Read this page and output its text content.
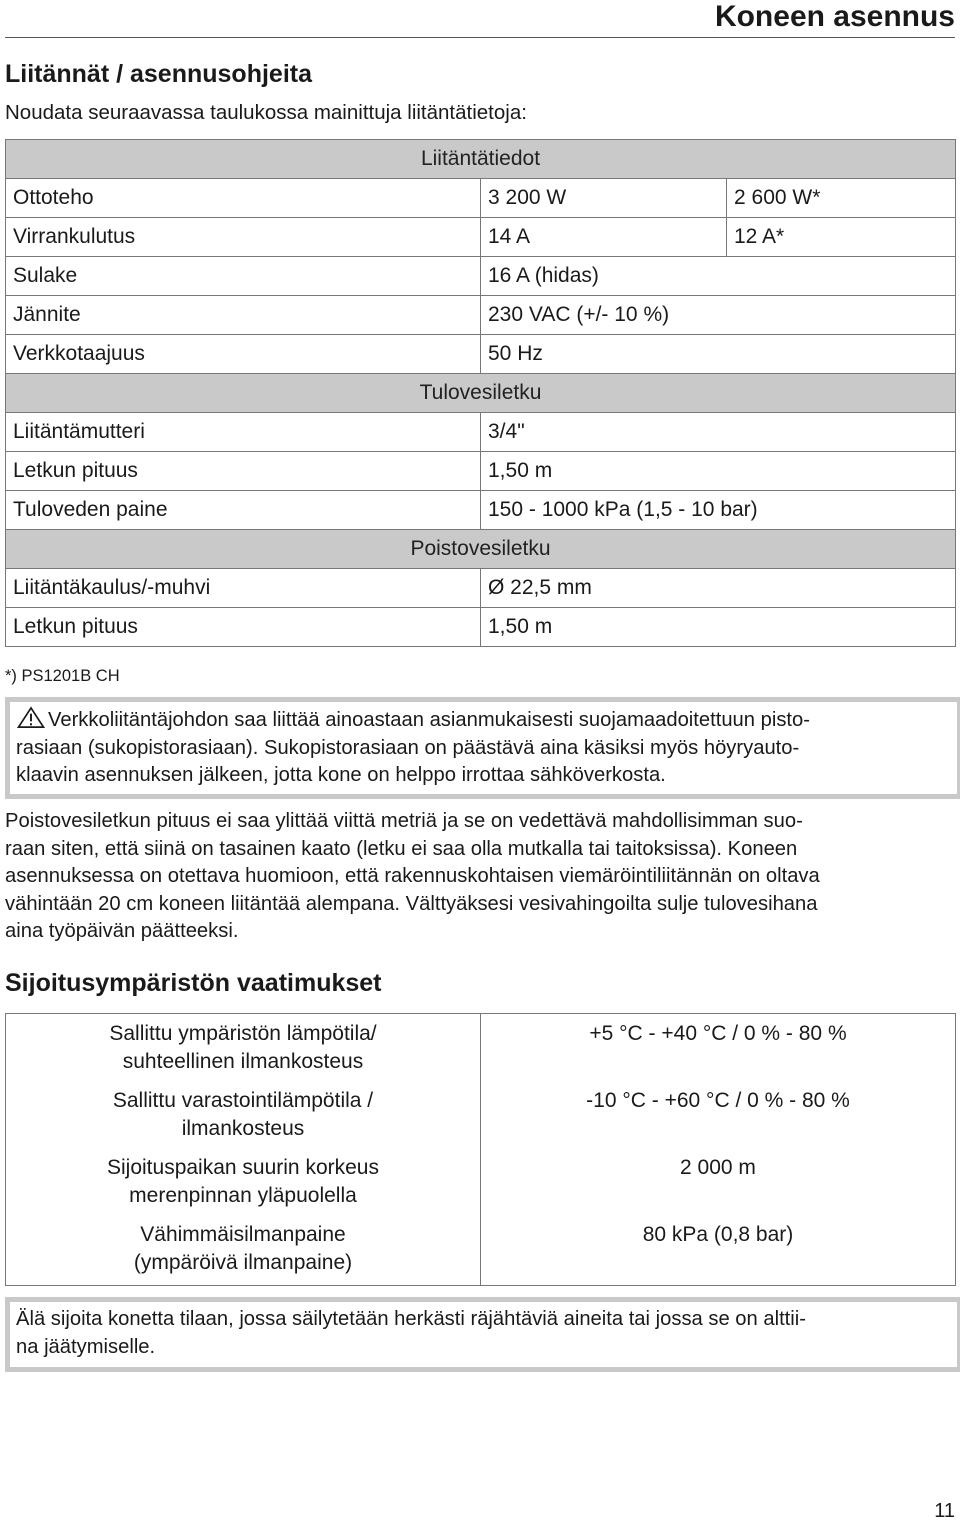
Koneen asennus
Liitännät / asennusohjeita
Noudata seuraavassa taulukossa mainittuja liitäntätietoja:
Liitäntätiedot		
Ottoteho	3 200 W	2 600 W*
Virrankulutus	14 A	12 A*
Sulake	16 A (hidas)	
Jännite	230 VAC (+/- 10 %)	
Verkkotaajuus	50 Hz	
Tulovesiletku		
Liitäntämutteri	3/4"	
Letkun pituus	1,50 m	
Tuloveden paine	150 - 1000 kPa (1,5 - 10 bar)	
Poistovesiletku		
Liitäntäkaulus/-muhvi	Ø 22,5 mm	
Letkun pituus	1,50 m	
*) PS1201B CH

Verkkoliitäntäjohdon saa liittää ainoastaan asianmukaisesti suojamaadoitettuun pisto-

rasiaan (sukopistorasiaan). Sukopistorasiaan on päästävä aina käsiksi myös höyryauto-

klaavin asennuksen jälkeen, jotta kone on helppo irrottaa sähköverkosta.

Poistovesiletkun pituus ei saa ylittää viittä metriä ja se on vedettävä mahdollisimman suo-

raan siten, että siinä on tasainen kaato (letku ei saa olla mutkalla tai taitoksissa). Koneen

asennuksessa on otettava huomioon, että rakennuskohtaisen viemäröintiliitännän on oltava

vähintään 20 cm koneen liitäntää alempana. Välttyäksesi vesivahingoilta sulje tulovesihana

aina työpäivän päätteeksi.

Sijoitusympäristön vaatimukset
Sallittu ympäristön lämpötila/
suhteellinen ilmankosteus	+5 °C - +40 °C / 0 % - 80 %

Sallittu varastointilämpötila /
ilmankosteus	-10 °C - +60 °C / 0 % - 80 %

Sijoituspaikan suurin korkeus
merenpinnan yläpuolella	2 000 m

Vähimmäisilmanpaine
(ympäröivä ilmanpaine)	80 kPa (0,8 bar)

Älä sijoita konetta tilaan, jossa säilytetään herkästi räjähtäviä aineita tai jossa se on alttii-

na jäätymiselle.

11
